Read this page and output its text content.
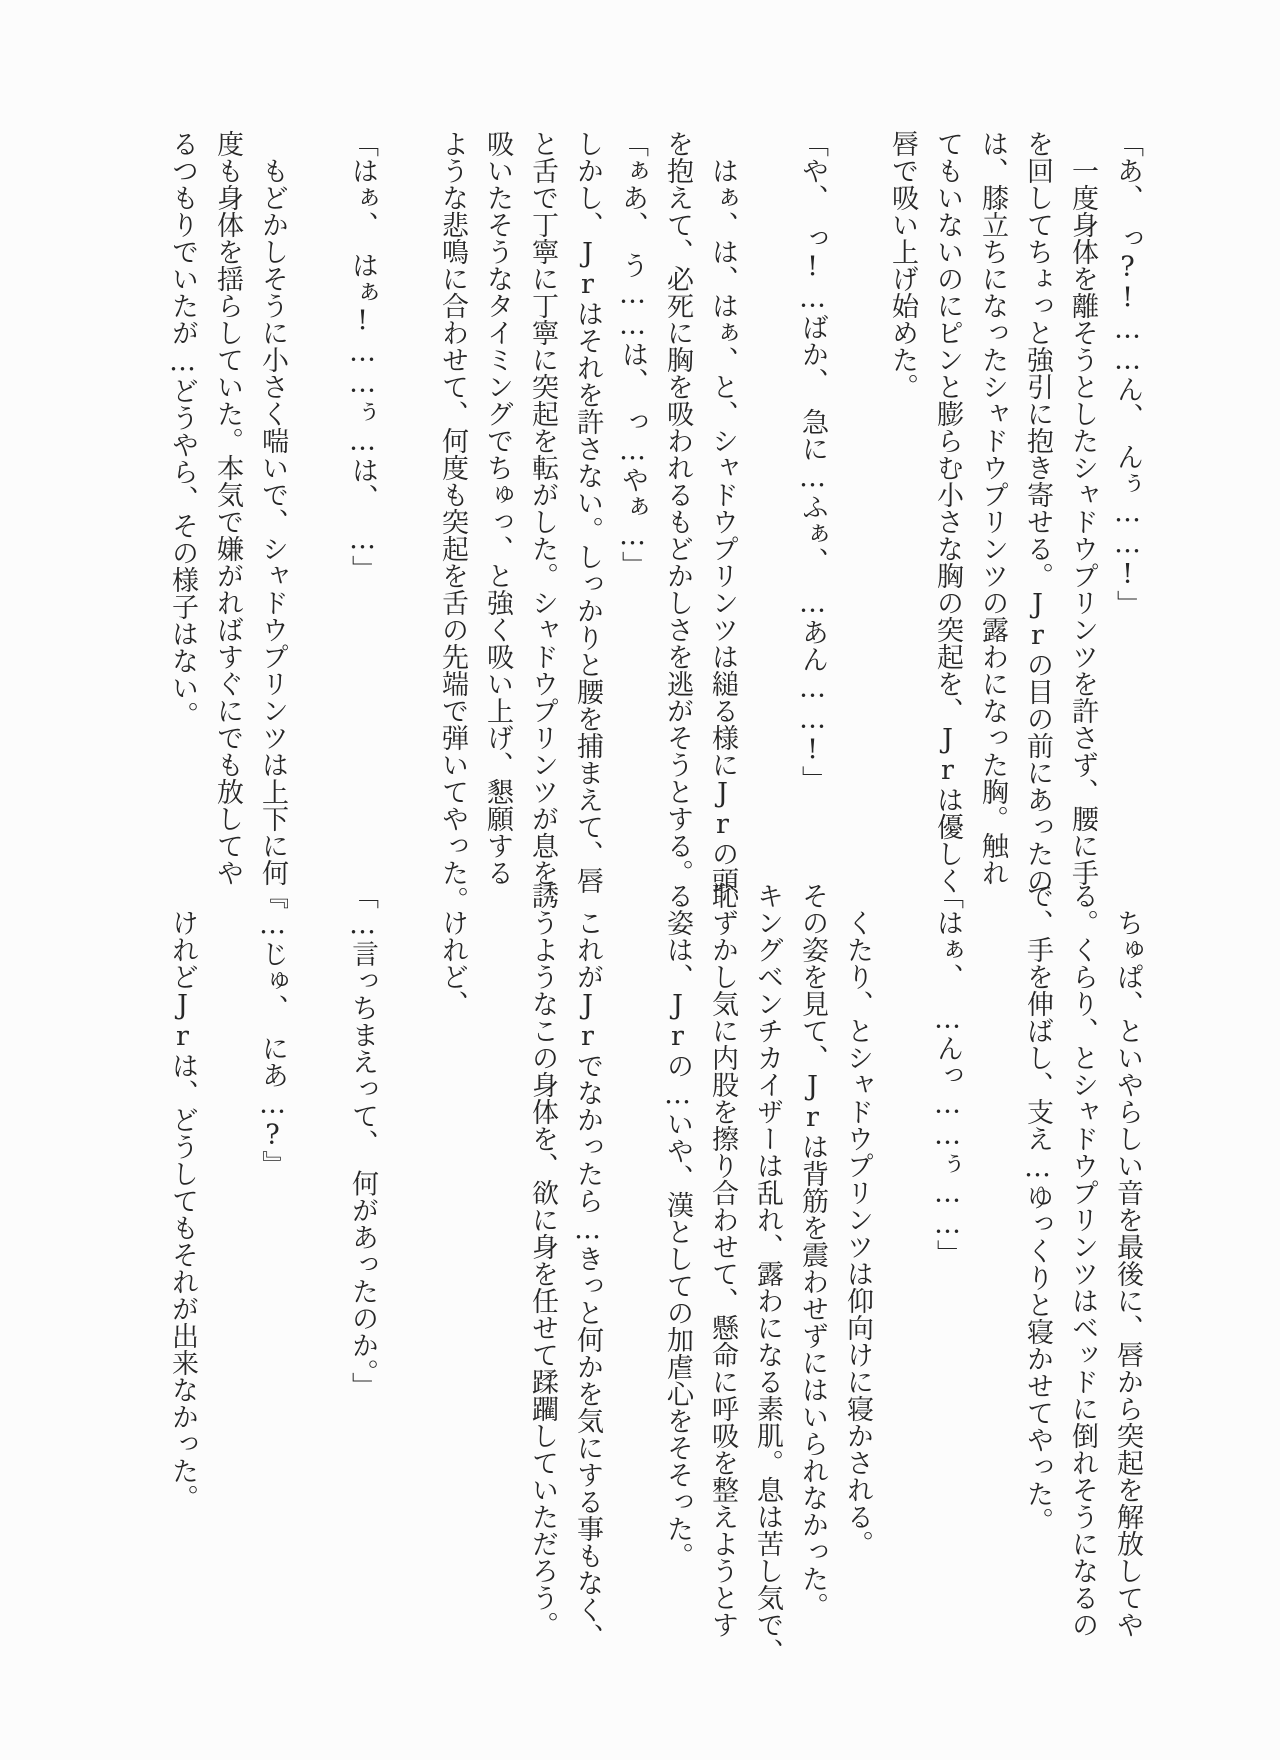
「あ、　っ?!……ん、　んぅ……!」

一度身体を離そうとしたシャドウプリンツを許さず、腰に手

を回してちょっと強引に抱き寄せる。Jrの目の前にあったの

は、膝立ちになったシャドウプリンツの露わになった胸。触れ

てもいないのにピンと膨らむ小さな胸の突起を、Jrは優しく

唇で吸い上げ始めた。

「や、　っ!…ばか、　急に…ふぁ、　…あん……!」

はぁ、は、はぁ、と、シャドウプリンツは縋る様にJrの頭

を抱えて、必死に胸を吸われるもどかしさを逃がそうとする。

「ぁあ、　う……は、　っ…やぁ…」

しかし、Jrはそれを許さない。しっかりと腰を捕まえて、唇

と舌で丁寧に丁寧に突起を転がした。シャドウプリンツが息を

吸いたそうなタイミングでちゅっ、と強く吸い上げ、懇願する

ような悲鳴に合わせて、何度も突起を舌の先端で弾いてやった。

「はぁ、　はぁ!……ぅ…は、　…」

もどかしそうに小さく喘いで、シャドウプリンツは上下に何

度も身体を揺らしていた。本気で嫌がればすぐにでも放してや

るつもりでいたが…どうやら、その様子はない。

ちゅぱ、といやらしい音を最後に、唇から突起を解放してや

る。くらり、とシャドウプリンツはベッドに倒れそうになるの

で、手を伸ばし、支え…ゆっくりと寝かせてやった。

「はぁ、　…んっ……ぅ……」

くたり、とシャドウプリンツは仰向けに寝かされる。

その姿を見て、Jrは背筋を震わせずにはいられなかった。

キングベンチカイザーは乱れ、露わになる素肌。息は苦し気で、

恥ずかし気に内股を擦り合わせて、懸命に呼吸を整えようとす

る姿は、Jrの…いや、漢としての加虐心をそそった。

これがJrでなかったら…きっと何かを気にする事もなく、

誘うようなこの身体を、欲に身を任せて蹂躙していただろう。

けれど、

「…言っちまえって、　何があったのか。」

『…じゅ、　にあ…?』

けれどJrは、どうしてもそれが出来なかった。
